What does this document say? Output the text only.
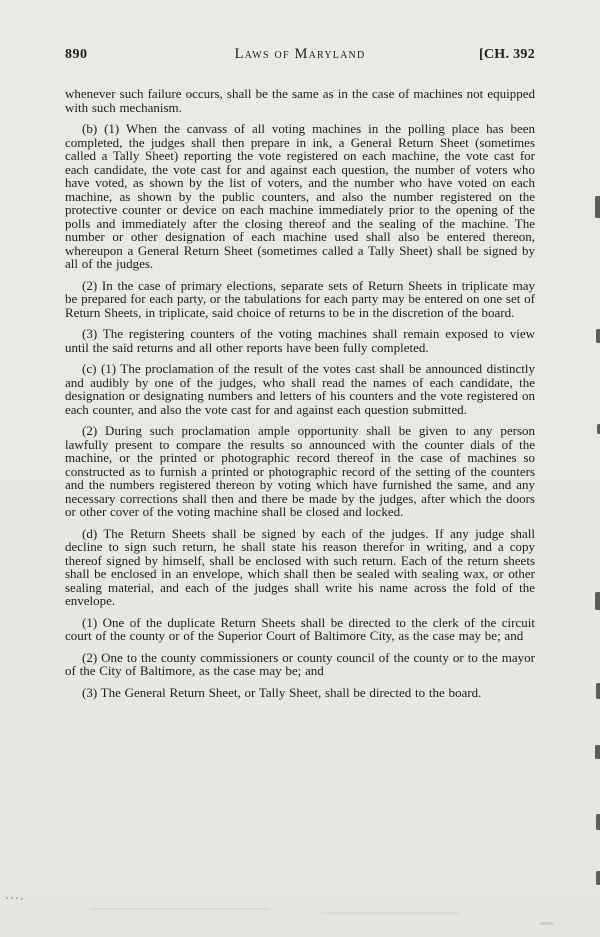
890	Laws of Maryland	[CH. 392

whenever such failure occurs, shall be the same as in the case of machines not equipped with such mechanism.

(b) (1) When the canvass of all voting machines in the polling place has been completed, the judges shall then prepare in ink, a General Return Sheet (sometimes called a Tally Sheet) reporting the vote registered on each machine, the vote cast for each candidate, the vote cast for and against each question, the number of voters who have voted, as shown by the list of voters, and the number who have voted on each machine, as shown by the public counters, and also the number registered on the protective counter or device on each machine immediately prior to the opening of the polls and immediately after the closing thereof and the sealing of the machine. The number or other designation of each machine used shall also be entered thereon, whereupon a General Return Sheet (sometimes called a Tally Sheet) shall be signed by all of the judges.

(2) In the case of primary elections, separate sets of Return Sheets in triplicate may be prepared for each party, or the tabulations for each party may be entered on one set of Return Sheets, in triplicate, said choice of returns to be in the discretion of the board.

(3) The registering counters of the voting machines shall remain exposed to view until the said returns and all other reports have been fully completed.

(c) (1) The proclamation of the result of the votes cast shall be announced distinctly and audibly by one of the judges, who shall read the names of each candidate, the designation or designating numbers and letters of his counters and the vote registered on each counter, and also the vote cast for and against each question submitted.

(2) During such proclamation ample opportunity shall be given to any person lawfully present to compare the results so announced with the counter dials of the machine, or the printed or photographic record thereof in the case of machines so constructed as to furnish a printed or photographic record of the setting of the counters and the numbers registered thereon by voting which have furnished the same, and any necessary corrections shall then and there be made by the judges, after which the doors or other cover of the voting machine shall be closed and locked.

(d) The Return Sheets shall be signed by each of the judges. If any judge shall decline to sign such return, he shall state his reason therefor in writing, and a copy thereof signed by himself, shall be enclosed with such return. Each of the return sheets shall be enclosed in an envelope, which shall then be sealed with sealing wax, or other sealing material, and each of the judges shall write his name across the fold of the envelope.

(1) One of the duplicate Return Sheets shall be directed to the clerk of the circuit court of the county or of the Superior Court of Baltimore City, as the case may be; and

(2) One to the county commissioners or county council of the county or to the mayor of the City of Baltimore, as the case may be; and

(3) The General Return Sheet, or Tally Sheet, shall be directed to the board.
